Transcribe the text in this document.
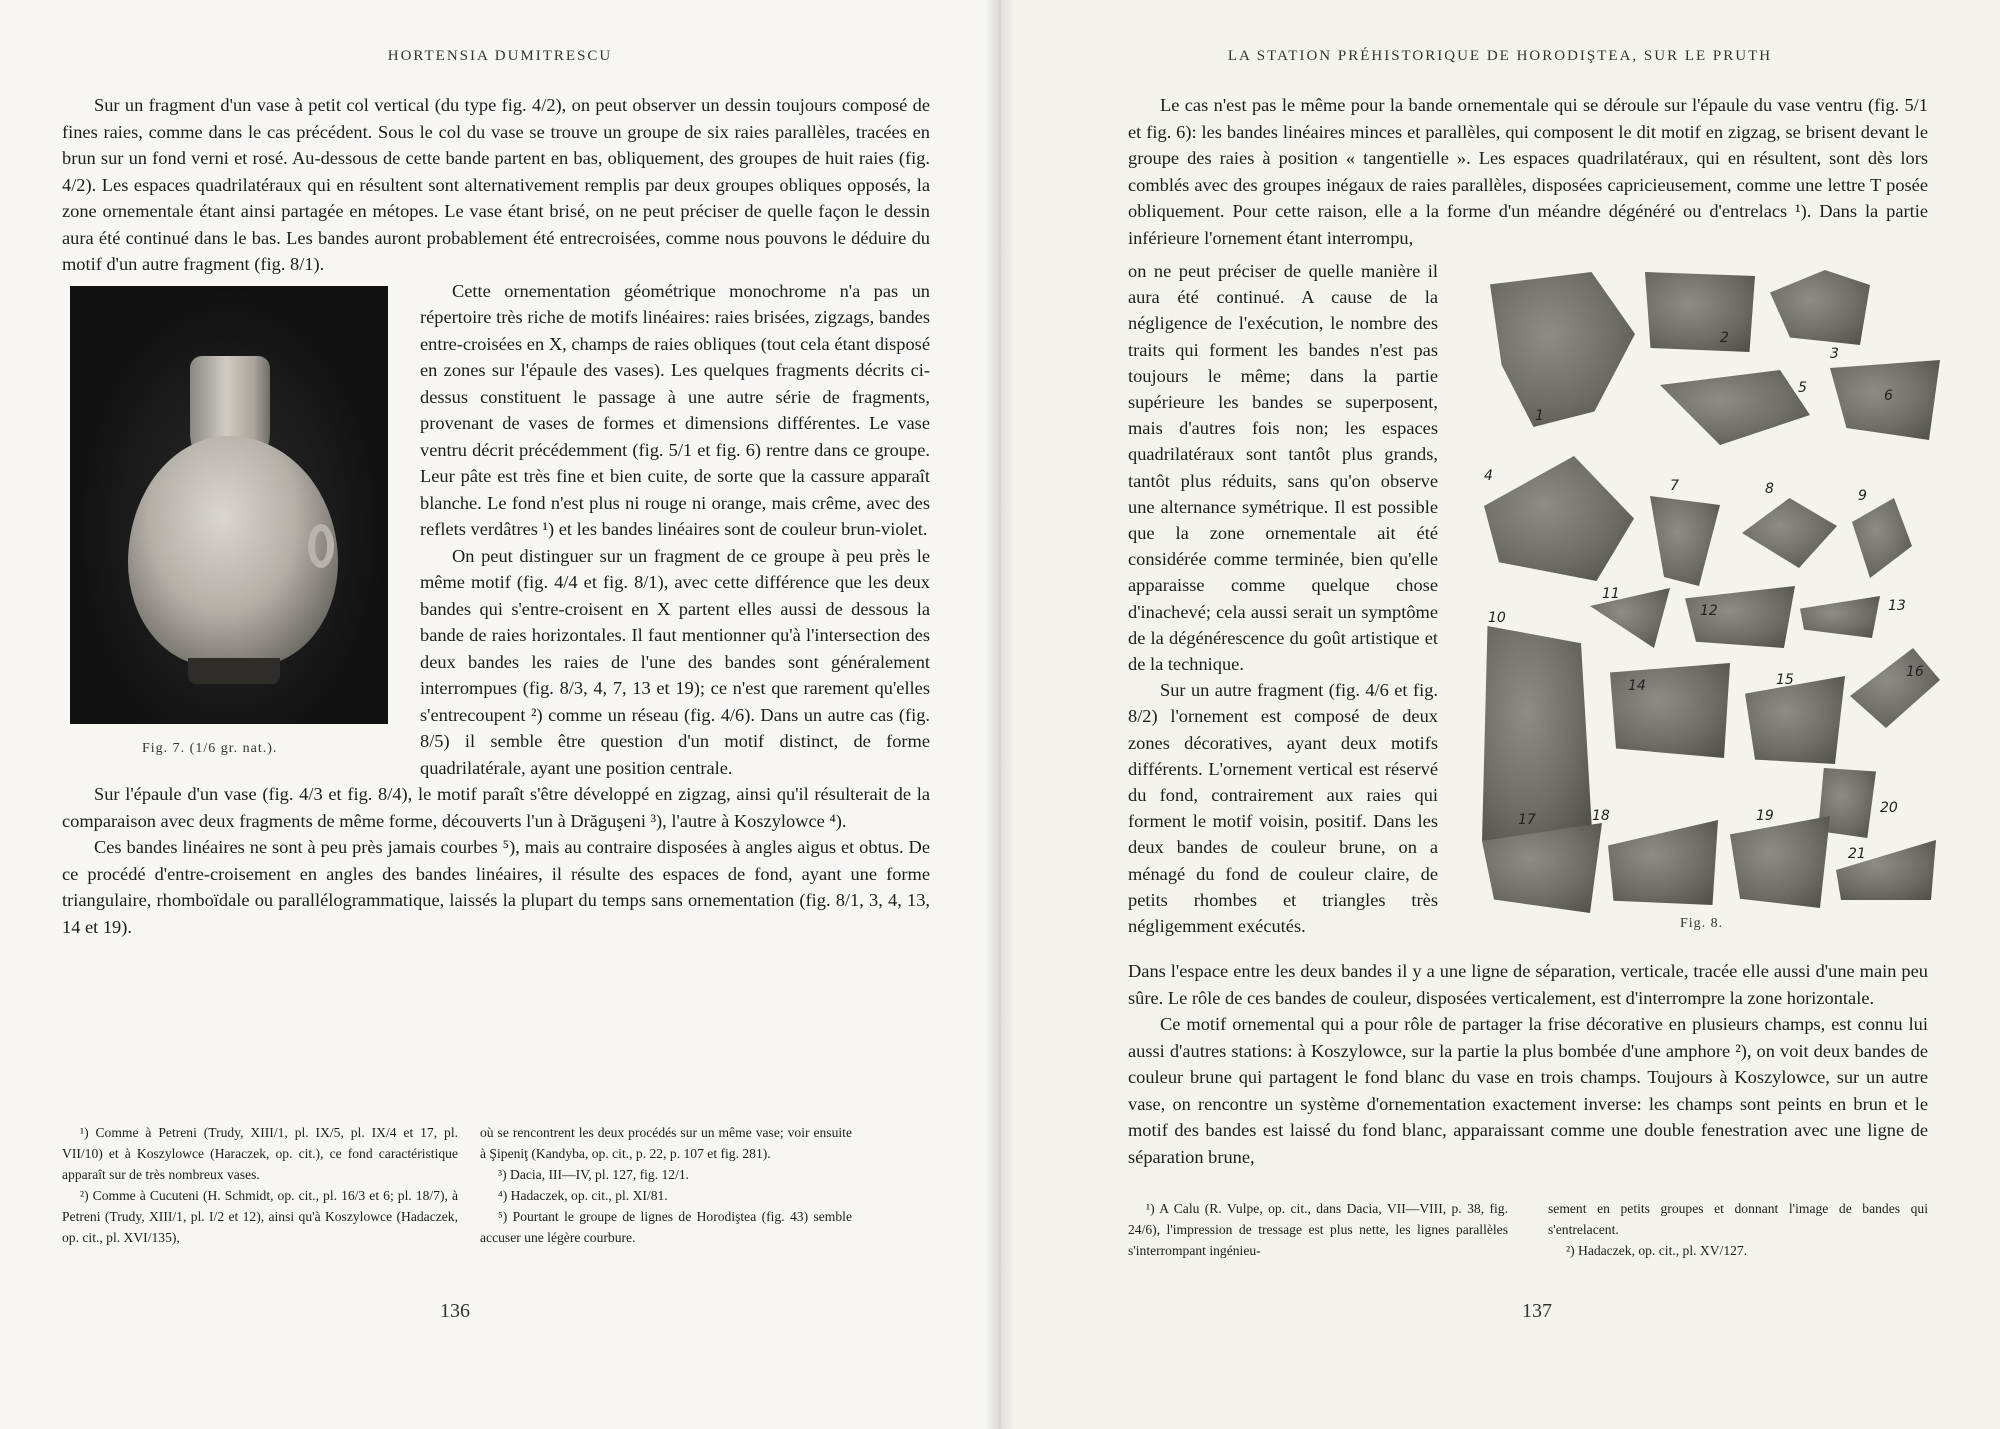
HORTENSIA DUMITRESCU

Sur un fragment d'un vase à petit col vertical (du type fig. 4/2), on peut observer un dessin toujours composé de fines raies, comme dans le cas précédent. Sous le col du vase se trouve un groupe de six raies parallèles, tracées en brun sur un fond verni et rosé. Au-dessous de cette bande partent en bas, obliquement, des groupes de huit raies (fig. 4/2). Les espaces quadrilatéraux qui en résultent sont alternativement remplis par deux groupes obliques opposés, la zone ornementale étant ainsi partagée en métopes. Le vase étant brisé, on ne peut préciser de quelle façon le dessin aura été continué dans le bas. Les bandes auront probablement été entrecroisées, comme nous pouvons le déduire du motif d'un autre fragment (fig. 8/1).

Fig. 7. (1/6 gr. nat.).

Cette ornementation géométrique monochrome n'a pas un répertoire très riche de motifs linéaires: raies brisées, zigzags, bandes entre-croisées en X, champs de raies obliques (tout cela étant disposé en zones sur l'épaule des vases). Les quelques fragments décrits ci-dessus constituent le passage à une autre série de fragments, provenant de vases de formes et dimensions différentes. Le vase ventru décrit précédemment (fig. 5/1 et fig. 6) rentre dans ce groupe. Leur pâte est très fine et bien cuite, de sorte que la cassure apparaît blanche. Le fond n'est plus ni rouge ni orange, mais crême, avec des reflets verdâtres ¹) et les bandes linéaires sont de couleur brun-violet.

On peut distinguer sur un fragment de ce groupe à peu près le même motif (fig. 4/4 et fig. 8/1), avec cette différence que les deux bandes qui s'entre-croisent en X partent elles aussi de dessous la bande de raies horizontales. Il faut mentionner qu'à l'intersection des deux bandes les raies de l'une des bandes sont généralement interrompues (fig. 8/3, 4, 7, 13 et 19); ce n'est que rarement qu'elles s'entrecoupent ²) comme un réseau (fig. 4/6). Dans un autre cas (fig. 8/5) il semble être question d'un motif distinct, de forme quadrilatérale, ayant une position centrale.

Sur l'épaule d'un vase (fig. 4/3 et fig. 8/4), le motif paraît s'être développé en zigzag, ainsi qu'il résulterait de la comparaison avec deux fragments de même forme, découverts l'un à Drăguşeni ³), l'autre à Koszylowce ⁴).

Ces bandes linéaires ne sont à peu près jamais courbes ⁵), mais au contraire disposées à angles aigus et obtus. De ce procédé d'entre-croisement en angles des bandes linéaires, il résulte des espaces de fond, ayant une forme triangulaire, rhomboïdale ou parallélogrammatique, laissés la plupart du temps sans ornementation (fig. 8/1, 3, 4, 13, 14 et 19).

¹) Comme à Petreni (Trudy, XIII/1, pl. IX/5, pl. IX/4 et 17, pl. VII/10) et à Koszylowce (Haraczek, op. cit.), ce fond caractéristique apparaît sur de très nombreux vases.

²) Comme à Cucuteni (H. Schmidt, op. cit., pl. 16/3 et 6; pl. 18/7), à Petreni (Trudy, XIII/1, pl. I/2 et 12), ainsi qu'à Koszylowce (Hadaczek, op. cit., pl. XVI/135),

où se rencontrent les deux procédés sur un même vase; voir ensuite à Şipeniţ (Kandyba, op. cit., p. 22, p. 107 et fig. 281).

³) Dacia, III—IV, pl. 127, fig. 12/1.

⁴) Hadaczek, op. cit., pl. XI/81.

⁵) Pourtant le groupe de lignes de Horodiştea (fig. 43) semble accuser une légère courbure.

136
LA STATION PRÉHISTORIQUE DE HORODIŞTEA, SUR LE PRUTH

Le cas n'est pas le même pour la bande ornementale qui se déroule sur l'épaule du vase ventru (fig. 5/1 et fig. 6): les bandes linéaires minces et parallèles, qui composent le dit motif en zigzag, se brisent devant le groupe des raies à position « tangentielle ». Les espaces quadrilatéraux, qui en résultent, sont dès lors comblés avec des groupes inégaux de raies parallèles, disposées capricieusement, comme une lettre T posée obliquement. Pour cette raison, elle a la forme d'un méandre dégénéré ou d'entrelacs ¹). Dans la partie inférieure l'ornement étant interrompu,

on ne peut préciser de quelle manière il aura été continué. A cause de la négligence de l'exécution, le nombre des traits qui forment les bandes n'est pas toujours le même; dans la partie supérieure les bandes se superposent, mais d'autres fois non; les espaces quadrilatéraux sont tantôt plus grands, tantôt plus réduits, sans qu'on observe une alternance symétrique. Il est possible que la zone ornementale ait été considérée comme terminée, bien qu'elle apparaisse comme quelque chose d'inachevé; cela aussi serait un symptôme de la dégénérescence du goût artistique et de la technique.

Sur un autre fragment (fig. 4/6 et fig. 8/2) l'ornement est composé de deux zones décoratives, ayant deux motifs différents. L'ornement vertical est réservé du fond, contrairement aux raies qui forment le motif voisin, positif. Dans les deux bandes de couleur brune, on a ménagé du fond de couleur claire, de petits rhombes et triangles très négligemment exécutés.

1
2
3
5	6
4
7	8	9
11
12	13
10
14	15	16
20
17	18	19
21
Fig. 8.

Dans l'espace entre les deux bandes il y a une ligne de séparation, verticale, tracée elle aussi d'une main peu sûre. Le rôle de ces bandes de couleur, disposées verticalement, est d'interrompre la zone horizontale.

Ce motif ornemental qui a pour rôle de partager la frise décorative en plusieurs champs, est connu lui aussi d'autres stations: à Koszylowce, sur la partie la plus bombée d'une amphore ²), on voit deux bandes de couleur brune qui partagent le fond blanc du vase en trois champs. Toujours à Koszylowce, sur un autre vase, on rencontre un système d'ornementation exactement inverse: les champs sont peints en brun et le motif des bandes est laissé du fond blanc, apparaissant comme une double fenestration avec une ligne de séparation brune,

¹) A Calu (R. Vulpe, op. cit., dans Dacia, VII—VIII, p. 38, fig. 24/6), l'impression de tressage est plus nette, les lignes parallèles s'interrompant ingénieu-

sement en petits groupes et donnant l'image de bandes qui s'entrelacent.

²) Hadaczek, op. cit., pl. XV/127.

137
